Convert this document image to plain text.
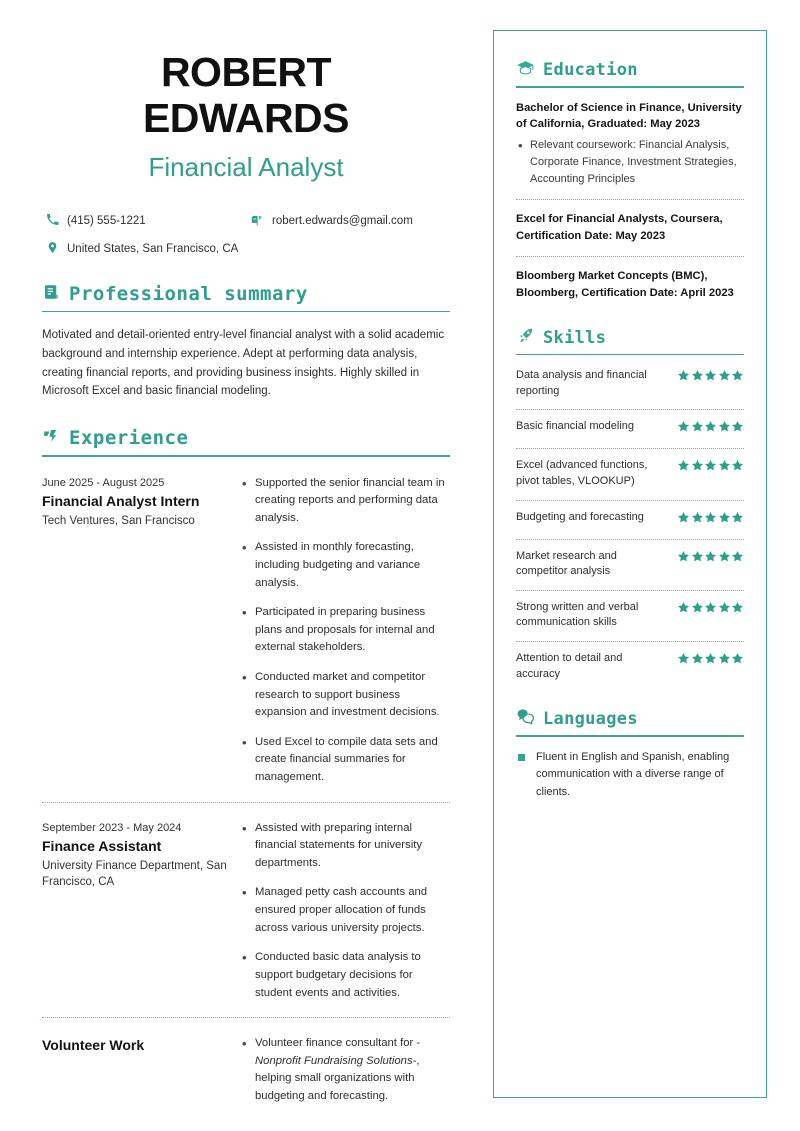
ROBERT
EDWARDS
Financial Analyst
(415) 555-1221	robert.edwards@gmail.com
United States, San Francisco, CA
Professional summary
Motivated and detail-oriented entry-level financial analyst with a solid academic background and internship experience. Adept at performing data analysis, creating financial reports, and providing business insights. Highly skilled in Microsoft Excel and basic financial modeling.
Experience
June 2025 - August 2025
Financial Analyst Intern
Tech Ventures, San Francisco
• Supported the senior financial team in creating reports and performing data analysis.
• Assisted in monthly forecasting, including budgeting and variance analysis.
• Participated in preparing business plans and proposals for internal and external stakeholders.
• Conducted market and competitor research to support business expansion and investment decisions.
• Used Excel to compile data sets and create financial summaries for management.
September 2023 - May 2024
Finance Assistant
University Finance Department, San Francisco, CA
• Assisted with preparing internal financial statements for university departments.
• Managed petty cash accounts and ensured proper allocation of funds across various university projects.
• Conducted basic data analysis to support budgetary decisions for student events and activities.
Volunteer Work	• Volunteer finance consultant for - Nonprofit Fundraising Solutions-, helping small organizations with budgeting and forecasting.
Education
Bachelor of Science in Finance, University of California, Graduated: May 2023
• Relevant coursework: Financial Analysis, Corporate Finance, Investment Strategies, Accounting Principles
Excel for Financial Analysts, Coursera, Certification Date: May 2023
Bloomberg Market Concepts (BMC), Bloomberg, Certification Date: April 2023
Skills
Data analysis and financial reporting
Basic financial modeling
Excel (advanced functions, pivot tables, VLOOKUP)
Budgeting and forecasting
Market research and competitor analysis
Strong written and verbal communication skills
Attention to detail and accuracy
Languages
Fluent in English and Spanish, enabling communication with a diverse range of clients.
